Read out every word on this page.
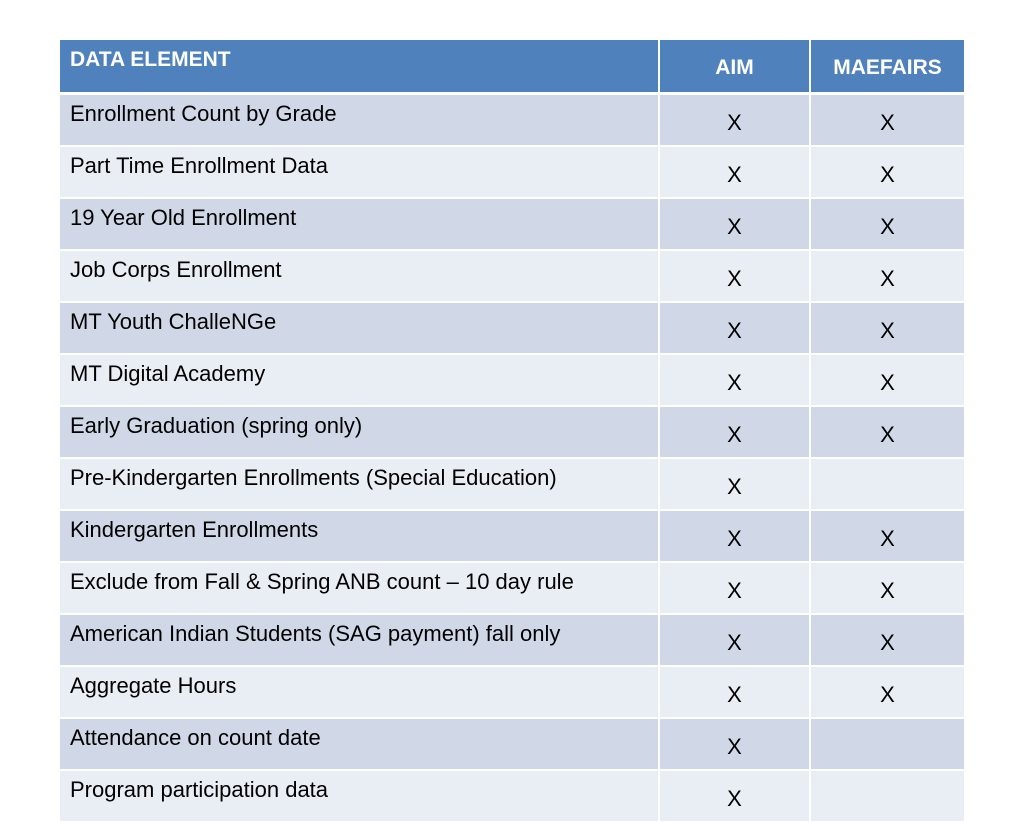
DATA ELEMENT	AIM	MAEFAIRS
Enrollment Count by Grade	X	X
Part Time Enrollment Data	X	X
19 Year Old Enrollment	X	X
Job Corps Enrollment	X	X
MT Youth ChalleNGe	X	X
MT Digital Academy	X	X
Early Graduation (spring only)	X	X
Pre-Kindergarten Enrollments (Special Education)	X	
Kindergarten Enrollments	X	X
Exclude from Fall & Spring ANB count – 10 day rule	X	X
American Indian Students (SAG payment) fall only	X	X
Aggregate Hours	X	X
Attendance on count date	X	
Program participation data	X	
